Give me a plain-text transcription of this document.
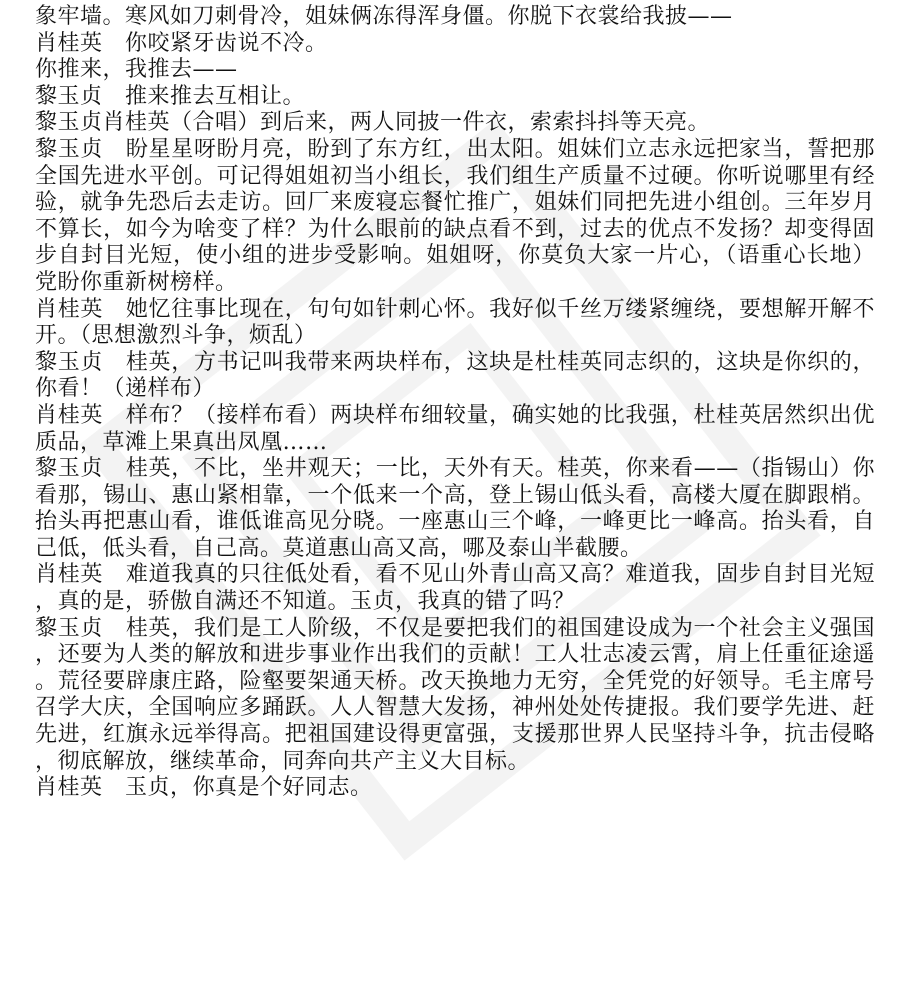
象牢墙。寒风如刀刺骨冷，姐妹俩冻得浑身僵。你脱下衣裳给我披——

肖桂英　你咬紧牙齿说不冷。

你推来，我推去——

黎玉贞　推来推去互相让。

黎玉贞肖桂英（合唱）到后来，两人同披一件衣，索索抖抖等天亮。

黎玉贞　盼星星呀盼月亮，盼到了东方红，出太阳。姐妹们立志永远把家当，誓把那全国先进水平创。可记得姐姐初当小组长，我们组生产质量不过硬。你听说哪里有经验，就争先恐后去走访。回厂来废寝忘餐忙推广，姐妹们同把先进小组创。三年岁月不算长，如今为啥变了样？为什么眼前的缺点看不到，过去的优点不发扬？却变得固步自封目光短，使小组的进步受影响。姐姐呀，你莫负大家一片心，（语重心长地）党盼你重新树榜样。

肖桂英　她忆往事比现在，句句如针刺心怀。我好似千丝万缕紧缠绕，要想解开解不开。（思想激烈斗争，烦乱）

黎玉贞　桂英，方书记叫我带来两块样布，这块是杜桂英同志织的，这块是你织的，你看！（递样布）

肖桂英　样布？（接样布看）两块样布细较量，确实她的比我强，杜桂英居然织出优质品，草滩上果真出凤凰……

黎玉贞　桂英，不比，坐井观天；一比，天外有天。桂英，你来看——（指锡山）你看那，锡山、惠山紧相靠，一个低来一个高，登上锡山低头看，高楼大厦在脚跟梢。抬头再把惠山看，谁低谁高见分晓。一座惠山三个峰，一峰更比一峰高。抬头看，自己低，低头看，自己高。莫道惠山高又高，哪及泰山半截腰。

肖桂英　难道我真的只往低处看，看不见山外青山高又高？难道我，固步自封目光短，真的是，骄傲自满还不知道。玉贞，我真的错了吗？

黎玉贞　桂英，我们是工人阶级，不仅是要把我们的祖国建设成为一个社会主义强国，还要为人类的解放和进步事业作出我们的贡献！工人壮志凌云霄，肩上任重征途遥。荒径要辟康庄路，险壑要架通天桥。改天换地力无穷，全凭党的好领导。毛主席号召学大庆，全国响应多踊跃。人人智慧大发扬，神州处处传捷报。我们要学先进、赶先进，红旗永远举得高。把祖国建设得更富强，支援那世界人民坚持斗争，抗击侵略，彻底解放，继续革命，同奔向共产主义大目标。

肖桂英　玉贞，你真是个好同志。
